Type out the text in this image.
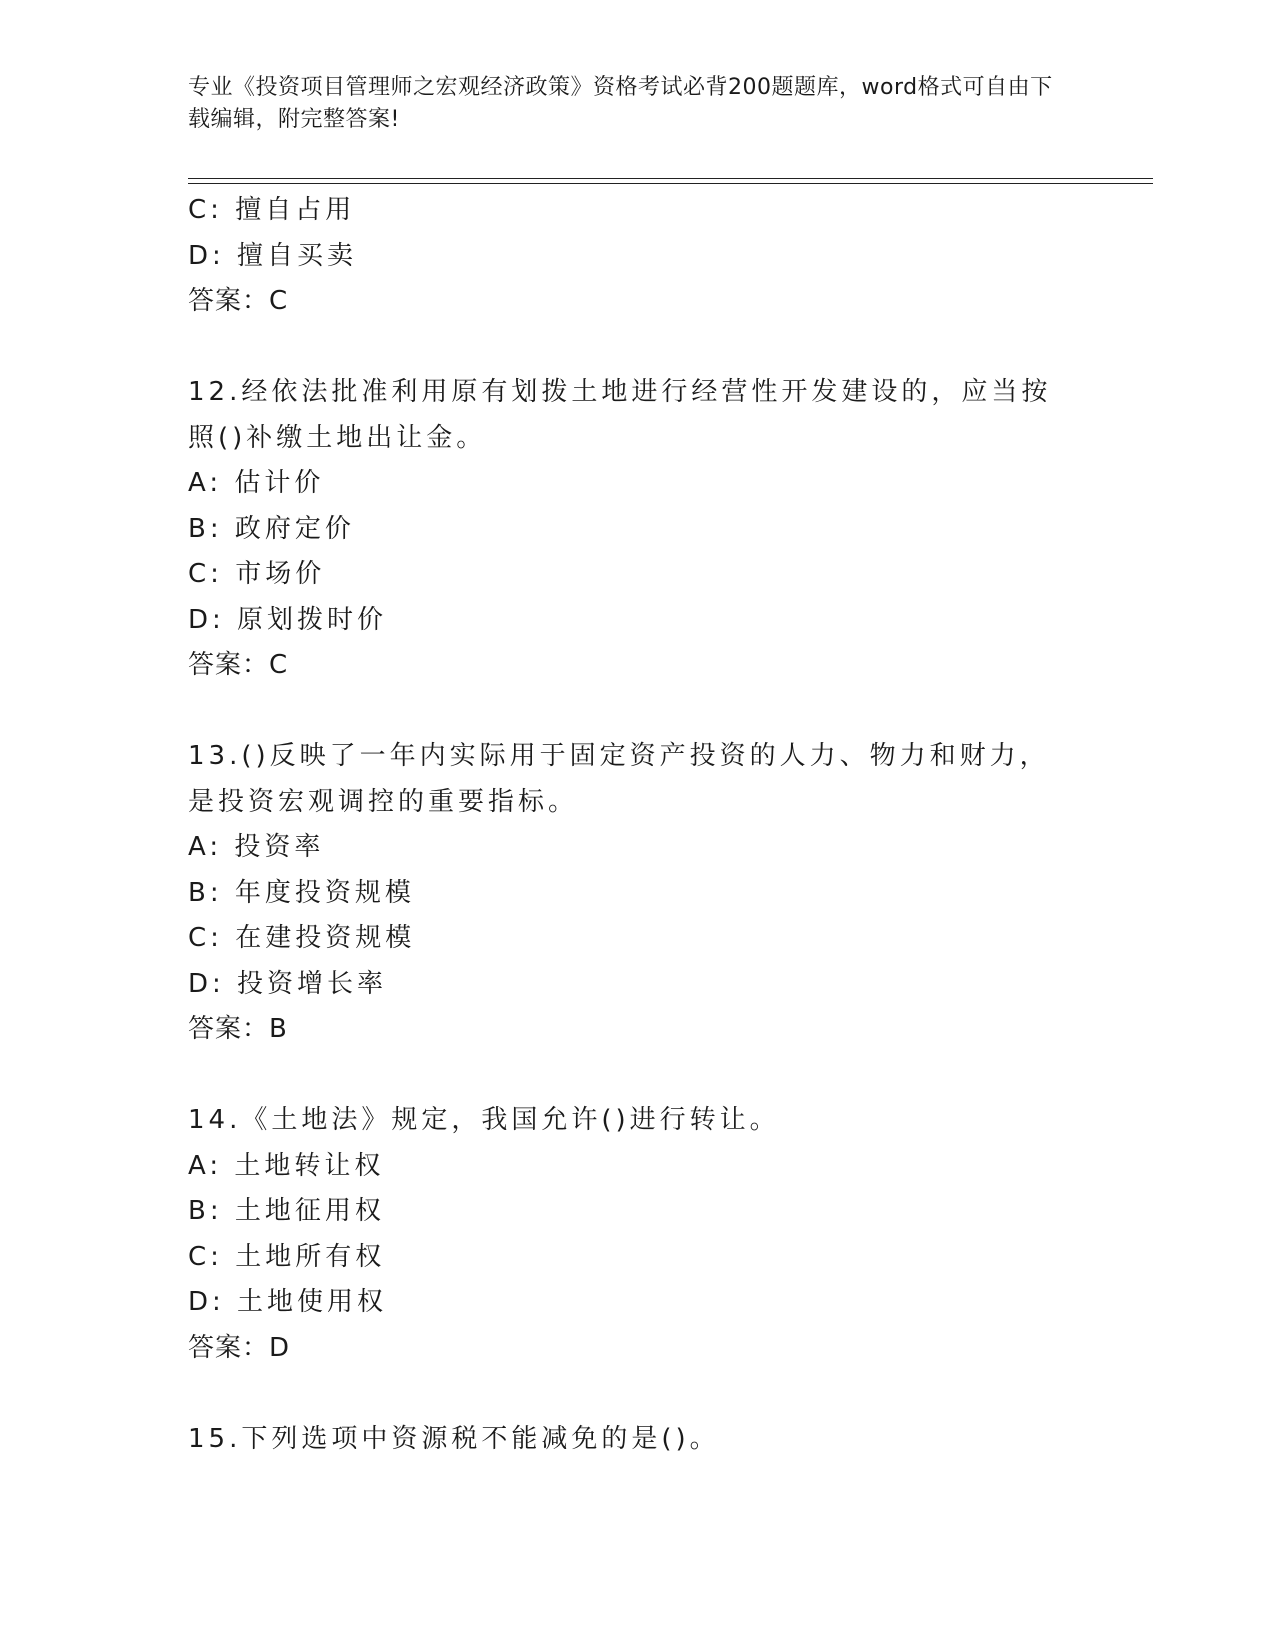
专业《投资项目管理师之宏观经济政策》资格考试必背200题题库，word格式可自由下载编辑，附完整答案!
C: 擅自占用
D: 擅自买卖
答案：C
12.经依法批准利用原有划拨土地进行经营性开发建设的，应当按照()补缴土地出让金。
A: 估计价
B: 政府定价
C: 市场价
D: 原划拨时价
答案：C
13.()反映了一年内实际用于固定资产投资的人力、物力和财力，是投资宏观调控的重要指标。
A: 投资率
B: 年度投资规模
C: 在建投资规模
D: 投资增长率
答案：B
14.《土地法》规定，我国允许()进行转让。
A: 土地转让权
B: 土地征用权
C: 土地所有权
D: 土地使用权
答案：D
15.下列选项中资源税不能减免的是()。
